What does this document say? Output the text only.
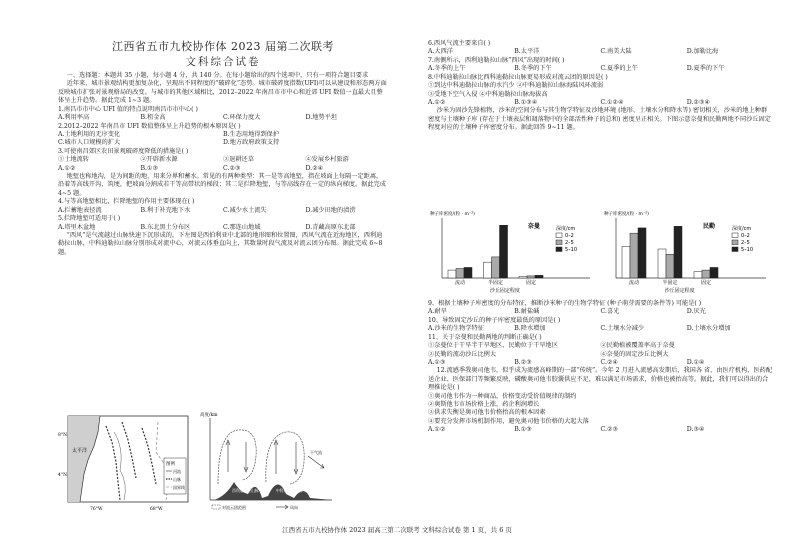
江西省五市九校协作体 2023 届第二次联考

文科综合试卷

一、选择题：本题共 35 小题，每小题 4 分，共 140 分。在每小题给出的四个选项中，只有一项符合题目要求

近年来，城市景观结构更加复杂化，呈现出不同程度的“破碎化”态势。城市破碎度指数(UFI)可以从建设和形态两方面反映城市扩张对景观格局的改变。与城市的其他区域相比，2012–2022 年南昌市市中心和近郊 UFI 数值一直最大且整体呈上升趋势。据此完成 1~3 题。

1.南昌市市中心 UFI 值的特点说明南昌市市中心( )

A.利用率高	B.租金高	C.环保力度大	D.地势平坦

2.2012–2022 年南昌市 UFI 数值整体呈上升趋势的根本原因是( )

A.土地利用的无序变化	B.生态用地得到保护
C.城市人口规模的扩大	D.地方政府政策支持

3.可使南昌郊区农田景观破碎度降低的措施是( )

①土地流转	②开辟新水源	③退耕还草	④发展乡村旅游
A.①②	B.①③	C.②③	D.②④

地堑也称地沟，是为间距的地，用来分界和蓄水。常见的有两种类型：其一是等高地堑，指在坡面上每隔一定距离，沿着等高线开沟，筑埂，把坡面分割成若干等高带状的梯段；其二是拦降地堑，与等高线存在一定的纵向梯度。据此完成 4~5 题。

4.与等高地堑相比，拦降地堑的作用主要体现在( )

A.拦蓄地表径流	B.利于补充地下水	C.减少水土流失	D.减少田地的渍涝

5.拦降地堑可适用于( )

A.塔里木盆地	B.东北黑土分布区	C.那连山地域	D.青藏高原东北部

“西风”是气流越过山脉快速下沉形成的。下左图是西伯利亚中北部的地形图和位置图，西风气流在近海地区，西利迪勒拉山脉，中科迪勒拉山脉分别形成对流中心，对流云体垂直向上，其数量时段气流及对流云团分布图。据此完成 6~8 题。

图例
河流
山脉
国界线
太平洋
8°N
4°N
76°W	68°W
高度/km
干气流
西利迪勒拉山脉	中科迪勒拉山脉
对流云团范围	风向

6.西风气流主要来自( )

A.大西洋	B.太平洋	C.南美大陆	D.加勒比海

7.南侧所示，西利迪勒拉山脉“西风”出现的时间( )

A.冬季的上午	B.冬季的下午	C.夏季的上午	D.夏季的下午

8.中科迪勒拉山脉比西科迪勒拉山脉更易形成对流云团的原因是( )

①到达中科迪勒拉山脉的水汽少 ②中科迪勒拉山脉海陆风环流弱

③受地下空气入侵 ④中科迪勒拉山脉海拔高

A.①②	B.①③④	C.①②④	D.②③④

沙米为固沙先锋植物，沙米的空间分布与其生物学特征及沙地环境 (地形、土壤水分和降水等) 密切相关，沙米的地上种群密度与土壤种子库 (存在于土壤表层和凋落物中的全部活性种子的总和) 密度呈正相关。下图示意奈曼和民勤两地不同沙丘固定程度对应的土壤种子库密度分布。据此回答 9~11 题。

种子库密度/(粒 · m⁻²)
奈曼
流动	半固定	固定
沙丘固定程度
深度/cm
0–2
2–5
5–10
种子库密度/(粒 · m⁻²)
民勤
流动	半固定	固定
沙丘固定程度
深度/cm
0–2
2–5
5–10

9、根据土壤种子库密度的分布特征，推断沙米种子的生物学特征 (种子萌芽需要的条件等) 可能是( )

A.耐旱	B.耐盐碱	C.喜光	D.厌光

10、导致固定沙丘的种子库密度最低的原因是( )

A.沙米的生物学特征	B.降水增加	C.土壤水分减少	D.土壤水分增加

11、关于奈曼和民勤两地的判断正确是( )

①奈曼位于干旱半干旱地区，民勤位于干旱地区	②民勤植被覆盖率高于奈曼
③民勤的流动沙丘比例大	④奈曼的固定沙丘比例大
A.①③	B.②③	C.②④	D.①④

12.流感季我奥司他韦，似乎成为流感高峰期的一部“传统”。今年 2 月进入流感高发期后，我国各 省、由医疗机构，医药配送企业、医保部门等频繁反映，磷酸奥司他韦胶囊供应不足，难以满足市场需求，价格也被抬高等。据此，我们可以得出的合理推论是( )

①奥司他韦作为一种商品，价格变动受价值规律的制约

②奥斯他韦市场价格上涨，药企利润增长

③供求失衡是奥司他韦价格抬高的根本因素

④要充分发挥市场机制作用，避免奥司他韦价格的大起大落

A.①②	B.①③	C.②③	D.③④
江西省五市九校协作体 2023 届高三第二次联考 文科综合试卷 第 1 页，共 6 页
